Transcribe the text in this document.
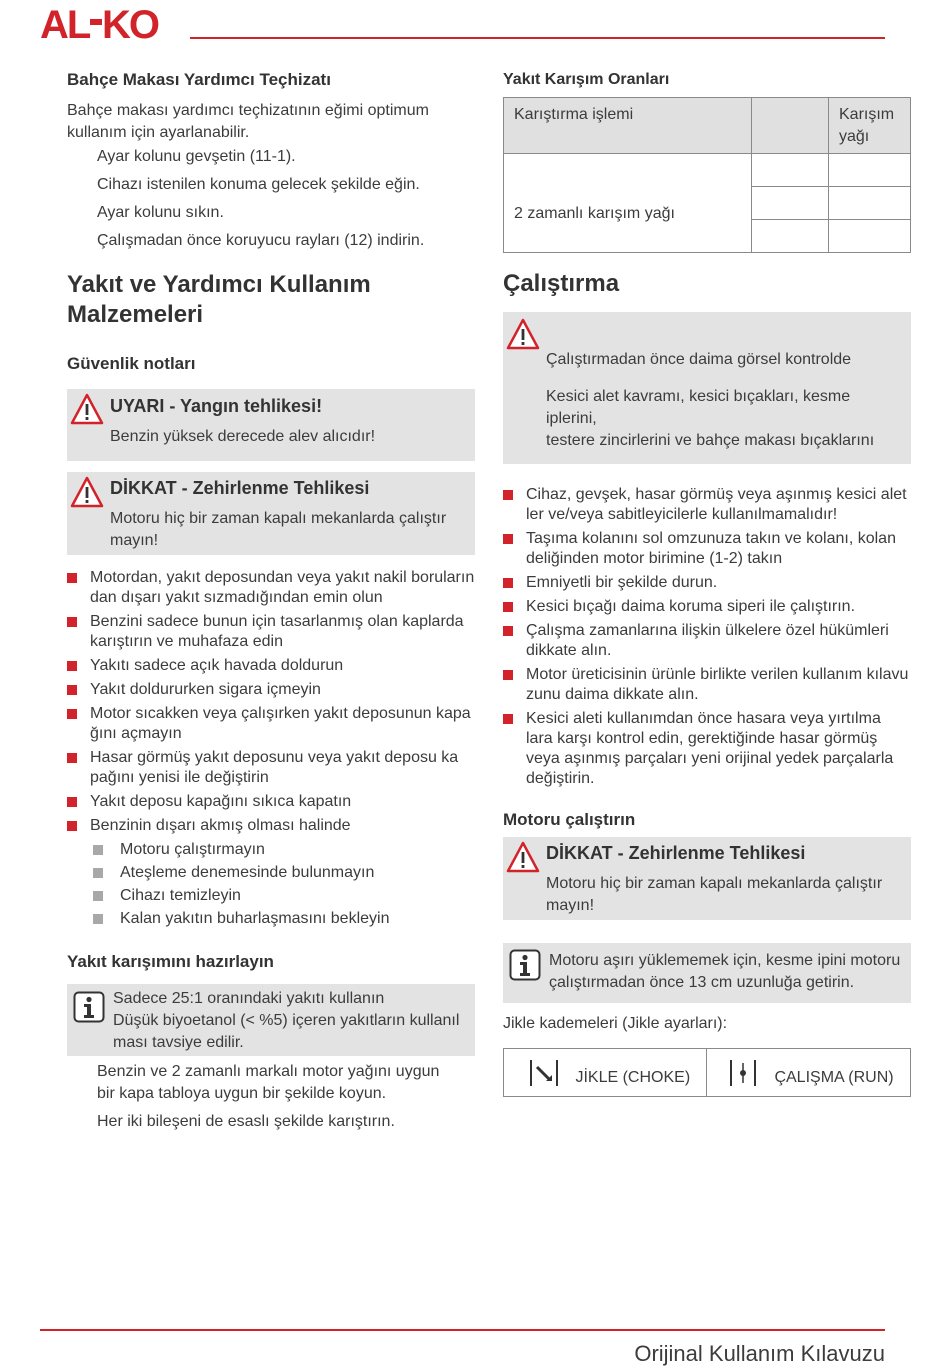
AL KO
Bahçe Makası Yardımcı Teçhizatı
Bahçe makası yardımcı teçhizatının eğimi optimum kullanım için ayarlanabilir.
Ayar kolunu gevşetin (11-1).
Cihazı istenilen konuma gelecek şekilde eğin.
Ayar kolunu sıkın.
Çalışmadan önce koruyucu rayları (12) indirin.
Yakıt ve Yardımcı Kullanım Malzemeleri
Güvenlik notları
UYARI - Yangın tehlikesi!
Benzin yüksek derecede alev alıcıdır!
DİKKAT - Zehirlenme Tehlikesi
Motoru hiç bir zaman kapalı mekanlarda çalıştır
mayın!
Motordan, yakıt deposundan veya yakıt nakil boruların
dan dışarı yakıt sızmadığından emin olun
Benzini sadece bunun için tasarlanmış olan kaplarda
karıştırın ve muhafaza edin
Yakıtı sadece açık havada doldurun
Yakıt doldururken sigara içmeyin
Motor sıcakken veya çalışırken yakıt deposunun kapa
ğını açmayın
Hasar görmüş yakıt deposunu veya yakıt deposu ka
pağını yenisi ile değiştirin
Yakıt deposu kapağını sıkıca kapatın
Benzinin dışarı akmış olması halinde
Motoru çalıştırmayın
Ateşleme denemesinde bulunmayın
Cihazı temizleyin
Kalan yakıtın buharlaşmasını bekleyin
Yakıt karışımını hazırlayın
Sadece 25:1 oranındaki yakıtı kullanın
Düşük biyoetanol (< %5) içeren yakıtların kullanıl
ması tavsiye edilir.
Benzin ve 2 zamanlı markalı motor yağını uygun bir kapa tabloya uygun bir şekilde koyun.
Her iki bileşeni de esaslı şekilde karıştırın.
Yakıt Karışım Oranları
Karıştırma işlemi		Karışım
yağı
2 zamanlı karışım yağı		

Çalıştırma
Çalıştırmadan önce daima görsel kontrolde
Kesici alet kavramı, kesici bıçakları, kesme iplerini,
testere zincirlerini ve bahçe makası bıçaklarını
Cihaz, gevşek, hasar görmüş veya aşınmış kesici alet
ler ve/veya sabitleyicilerle kullanılmamalıdır!
Taşıma kolanını sol omzunuza takın ve kolanı, kolan
deliğinden motor birimine (1-2) takın
Emniyetli bir şekilde durun.
Kesici bıçağı daima koruma siperi ile çalıştırın.
Çalışma zamanlarına ilişkin ülkelere özel hükümleri
dikkate alın.
Motor üreticisinin ürünle birlikte verilen kullanım kılavu
zunu daima dikkate alın.
Kesici aleti kullanımdan önce hasara veya yırtılma
lara karşı kontrol edin, gerektiğinde hasar görmüş
veya aşınmış parçaları yeni orijinal yedek parçalarla
değiştirin.
Motoru çalıştırın
DİKKAT - Zehirlenme Tehlikesi
Motoru hiç bir zaman kapalı mekanlarda çalıştır
mayın!
Motoru aşırı yüklememek için, kesme ipini motoru
çalıştırmadan önce 13 cm uzunluğa getirin.
Jikle kademeleri (Jikle ayarları):
JİKLE (CHOKE)	ÇALIŞMA (RUN)
Orijinal Kullanım Kılavuzu
